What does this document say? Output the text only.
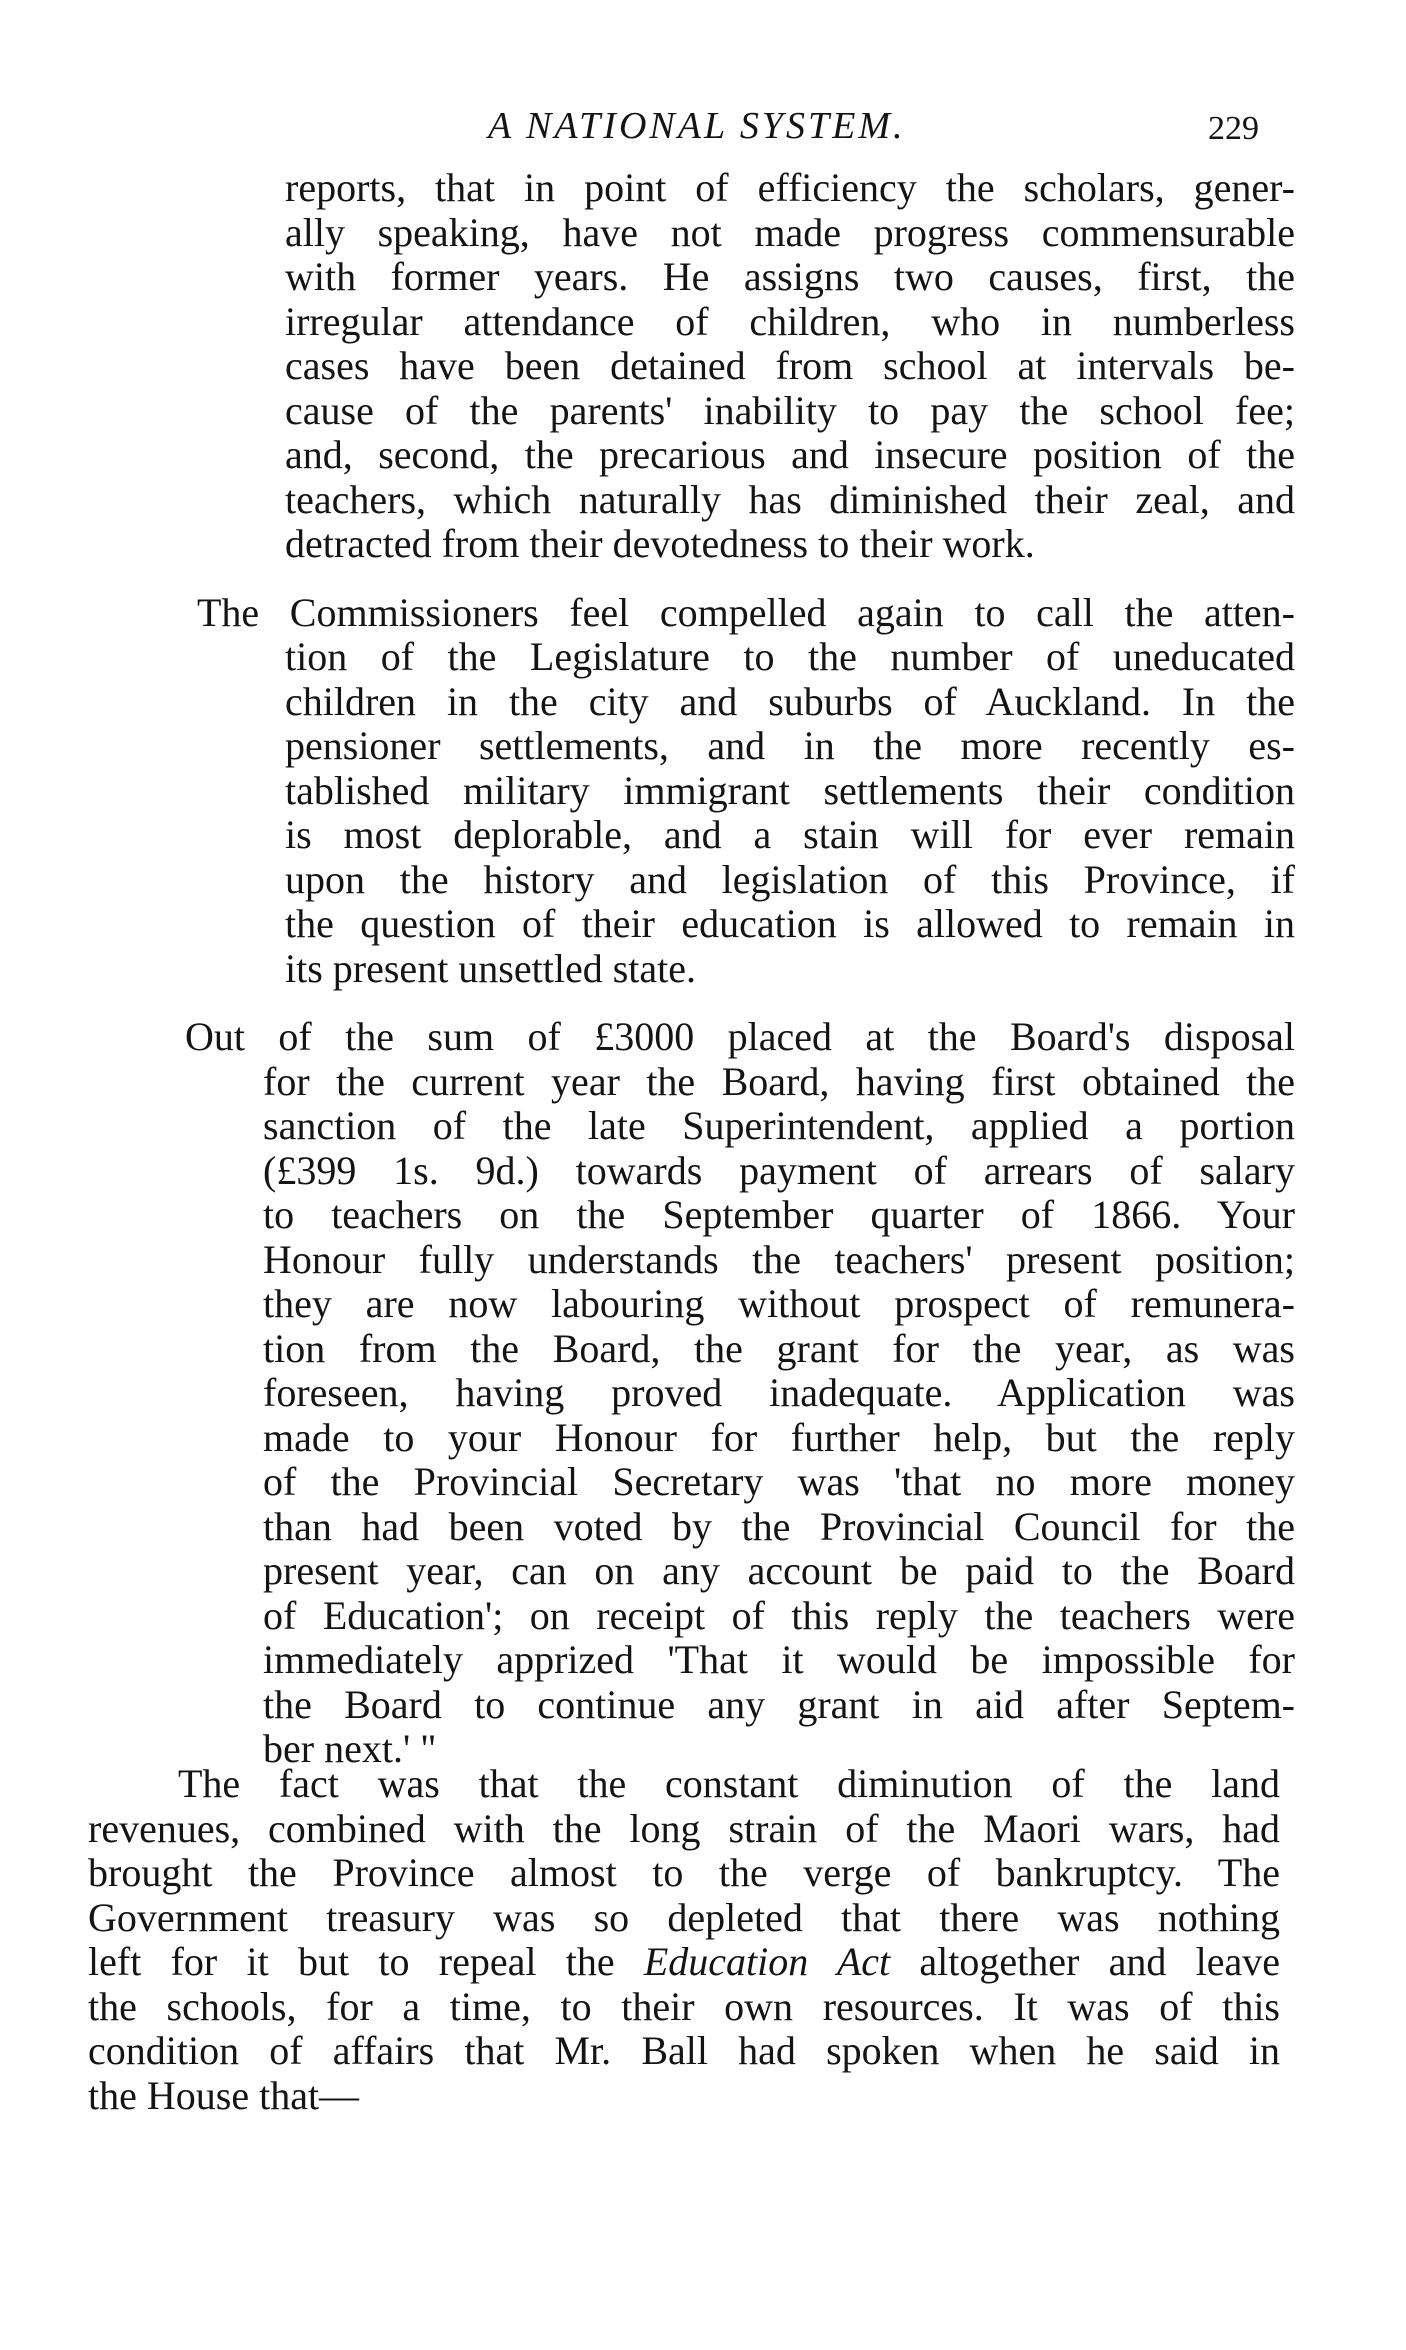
A NATIONAL SYSTEM.	229

reports, that in point of efficiency the scholars, gener-
ally speaking, have not made progress commensurable
with former years. He assigns two causes, first, the
irregular attendance of children, who in numberless
cases have been detained from school at intervals be-
cause of the parents' inability to pay the school fee;
and, second, the precarious and insecure position of the
teachers, which naturally has diminished their zeal, and
detracted from their devotedness to their work.

The Commissioners feel compelled again to call the atten-
tion of the Legislature to the number of uneducated
children in the city and suburbs of Auckland. In the
pensioner settlements, and in the more recently es-
tablished military immigrant settlements their condition
is most deplorable, and a stain will for ever remain
upon the history and legislation of this Province, if
the question of their education is allowed to remain in
its present unsettled state.

Out of the sum of £3000 placed at the Board's disposal
for the current year the Board, having first obtained the
sanction of the late Superintendent, applied a portion
(£399 1s. 9d.) towards payment of arrears of salary
to teachers on the September quarter of 1866. Your
Honour fully understands the teachers' present position;
they are now labouring without prospect of remunera-
tion from the Board, the grant for the year, as was
foreseen, having proved inadequate. Application was
made to your Honour for further help, but the reply
of the Provincial Secretary was 'that no more money
than had been voted by the Provincial Council for the
present year, can on any account be paid to the Board
of Education'; on receipt of this reply the teachers were
immediately apprized 'That it would be impossible for
the Board to continue any grant in aid after Septem-
ber next.' "

The fact was that the constant diminution of the land
revenues, combined with the long strain of the Maori wars, had
brought the Province almost to the verge of bankruptcy. The
Government treasury was so depleted that there was nothing
left for it but to repeal the Education Act altogether and leave
the schools, for a time, to their own resources. It was of this
condition of affairs that Mr. Ball had spoken when he said in
the House that—
